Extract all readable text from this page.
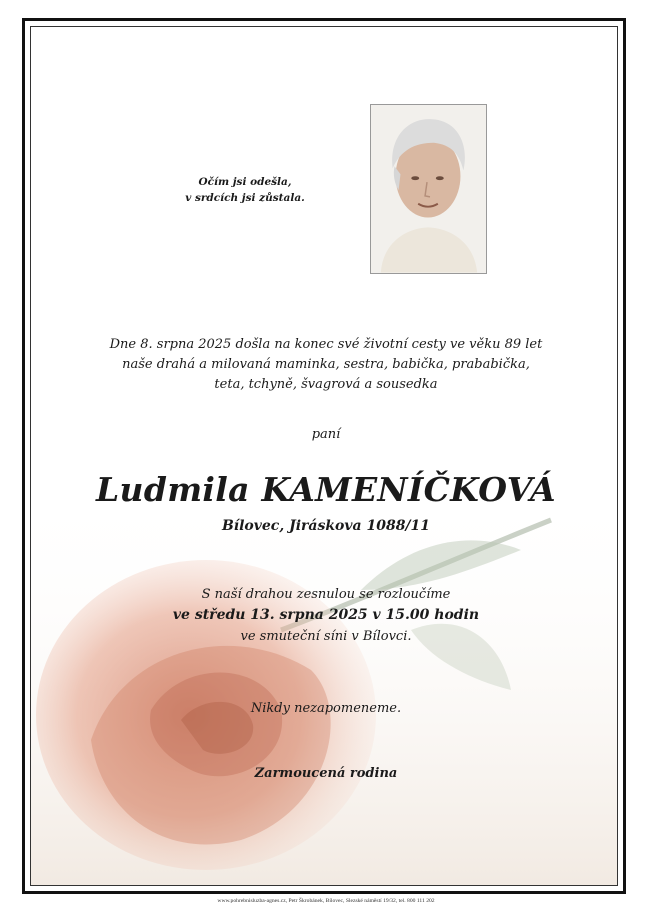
Očím jsi odešla,
v srdcích jsi zůstala.
Dne 8. srpna 2025 došla na konec své životní cesty ve věku 89 let
naše drahá a milovaná maminka, sestra, babička, prababička,
teta, tchyně, švagrová a sousedka
paní
Ludmila KAMENÍČKOVÁ
Bílovec, Jiráskova 1088/11
S naší drahou zesnulou se rozloučíme
ve středu 13. srpna 2025 v 15.00 hodin
ve smuteční síni v Bílovci.
Nikdy nezapomeneme.
Zarmoucená rodina
www.pohrebnisluzba-agnes.cz, Petr Škrobánek, Bílovec, Slezské náměstí 19/32, tel. 800 111 202
